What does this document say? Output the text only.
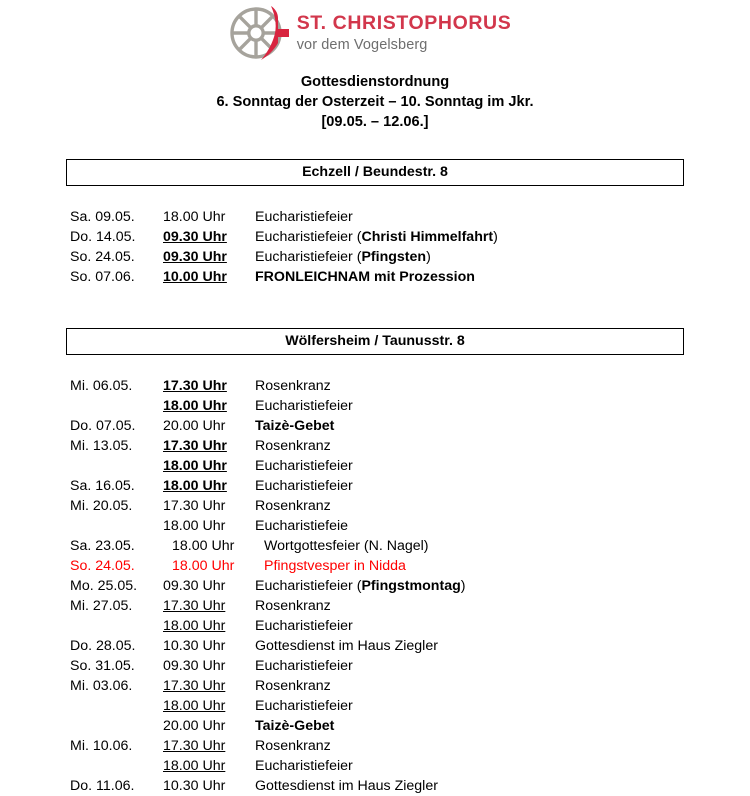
ST. CHRISTOPHORUS
vor dem Vogelsberg
Gottesdienstordnung
6. Sonntag der Osterzeit – 10. Sonntag im Jkr.
[09.05. – 12.06.]
Echzell / Beundestr. 8
Sa. 09.05.	18.00 Uhr	Eucharistiefeier
Do. 14.05.	09.30 Uhr	Eucharistiefeier (Christi Himmelfahrt)
So. 24.05.	09.30 Uhr	Eucharistiefeier (Pfingsten)
So. 07.06.	10.00 Uhr	FRONLEICHNAM mit Prozession
Wölfersheim / Taunusstr. 8
Mi. 06.05.	17.30 Uhr	Rosenkranz
	18.00 Uhr	Eucharistiefeier
Do. 07.05.	20.00 Uhr	Taizè-Gebet
Mi. 13.05.	17.30 Uhr	Rosenkranz
	18.00 Uhr	Eucharistiefeier
Sa. 16.05.	18.00 Uhr	Eucharistiefeier
Mi. 20.05.	17.30 Uhr	Rosenkranz
	18.00 Uhr	Eucharistiefeie
Sa. 23.05.	18.00 Uhr	Wortgottesfeier (N. Nagel)
So. 24.05.	18.00 Uhr	Pfingstvesper in Nidda
Mo. 25.05.	09.30 Uhr	Eucharistiefeier (Pfingstmontag)
Mi. 27.05.	17.30 Uhr	Rosenkranz
	18.00 Uhr	Eucharistiefeier
Do. 28.05.	10.30 Uhr	Gottesdienst im Haus Ziegler
So. 31.05.	09.30 Uhr	Eucharistiefeier
Mi. 03.06.	17.30 Uhr	Rosenkranz
	18.00 Uhr	Eucharistiefeier
	20.00 Uhr	Taizè-Gebet
Mi. 10.06.	17.30 Uhr	Rosenkranz
	18.00 Uhr	Eucharistiefeier
Do. 11.06.	10.30 Uhr	Gottesdienst im Haus Ziegler
